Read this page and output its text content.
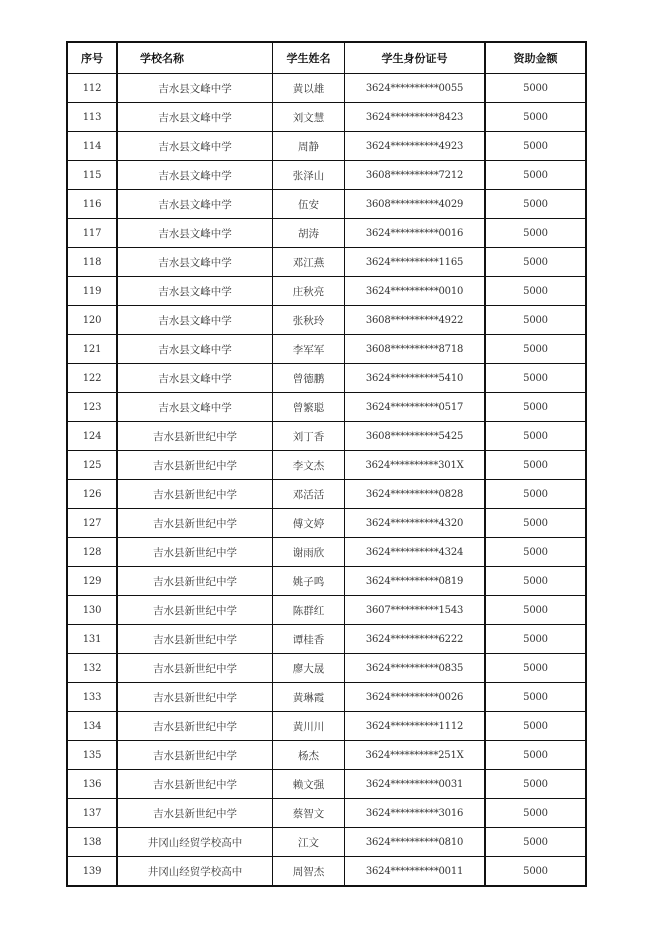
序号	学校名称	学生姓名	学生身份证号	资助金额
112	吉水县文峰中学	黄以雄	3624**********0055	5000
113	吉水县文峰中学	刘文慧	3624**********8423	5000
114	吉水县文峰中学	周静	3624**********4923	5000
115	吉水县文峰中学	张泽山	3608**********7212	5000
116	吉水县文峰中学	伍安	3608**********4029	5000
117	吉水县文峰中学	胡涛	3624**********0016	5000
118	吉水县文峰中学	邓江燕	3624**********1165	5000
119	吉水县文峰中学	庄秋亮	3624**********0010	5000
120	吉水县文峰中学	张秋玲	3608**********4922	5000
121	吉水县文峰中学	李军军	3608**********8718	5000
122	吉水县文峰中学	曾德鹏	3624**********5410	5000
123	吉水县文峰中学	曾繁聪	3624**********0517	5000
124	吉水县新世纪中学	刘丁香	3608**********5425	5000
125	吉水县新世纪中学	李文杰	3624**********301X	5000
126	吉水县新世纪中学	邓活活	3624**********0828	5000
127	吉水县新世纪中学	傅文婷	3624**********4320	5000
128	吉水县新世纪中学	谢雨欣	3624**********4324	5000
129	吉水县新世纪中学	姚子鸣	3624**********0819	5000
130	吉水县新世纪中学	陈群红	3607**********1543	5000
131	吉水县新世纪中学	谭桂香	3624**********6222	5000
132	吉水县新世纪中学	廖大晟	3624**********0835	5000
133	吉水县新世纪中学	黄琳霞	3624**********0026	5000
134	吉水县新世纪中学	黄川川	3624**********1112	5000
135	吉水县新世纪中学	杨杰	3624**********251X	5000
136	吉水县新世纪中学	赖文强	3624**********0031	5000
137	吉水县新世纪中学	蔡智文	3624**********3016	5000
138	井冈山经贸学校高中	江文	3624**********0810	5000
139	井冈山经贸学校高中	周智杰	3624**********0011	5000
